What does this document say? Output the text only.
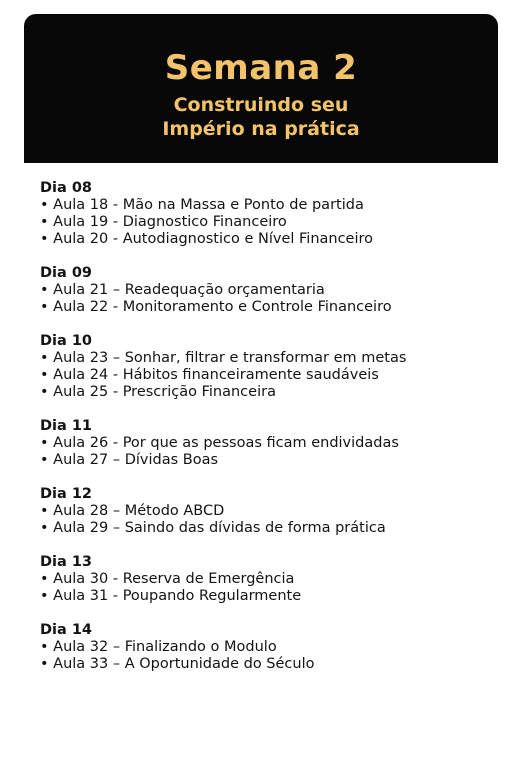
Semana 2
Construindo seu
Império na prática
Dia 08
• Aula 18 - Mão na Massa e Ponto de partida
• Aula 19 - Diagnostico Financeiro
• Aula 20 - Autodiagnostico e Nível Financeiro
Dia 09
• Aula 21 – Readequação orçamentaria
• Aula 22 - Monitoramento e Controle Financeiro
Dia 10
• Aula 23 – Sonhar, filtrar e transformar em metas
• Aula 24 - Hábitos financeiramente saudáveis
• Aula 25 - Prescrição Financeira
Dia 11
• Aula 26 - Por que as pessoas ficam endividadas
• Aula 27 – Dívidas Boas
Dia 12
• Aula 28 – Método ABCD
• Aula 29 – Saindo das dívidas de forma prática
Dia 13
• Aula 30 - Reserva de Emergência
• Aula 31 - Poupando Regularmente
Dia 14
• Aula 32 – Finalizando o Modulo
• Aula 33 – A Oportunidade do Século
